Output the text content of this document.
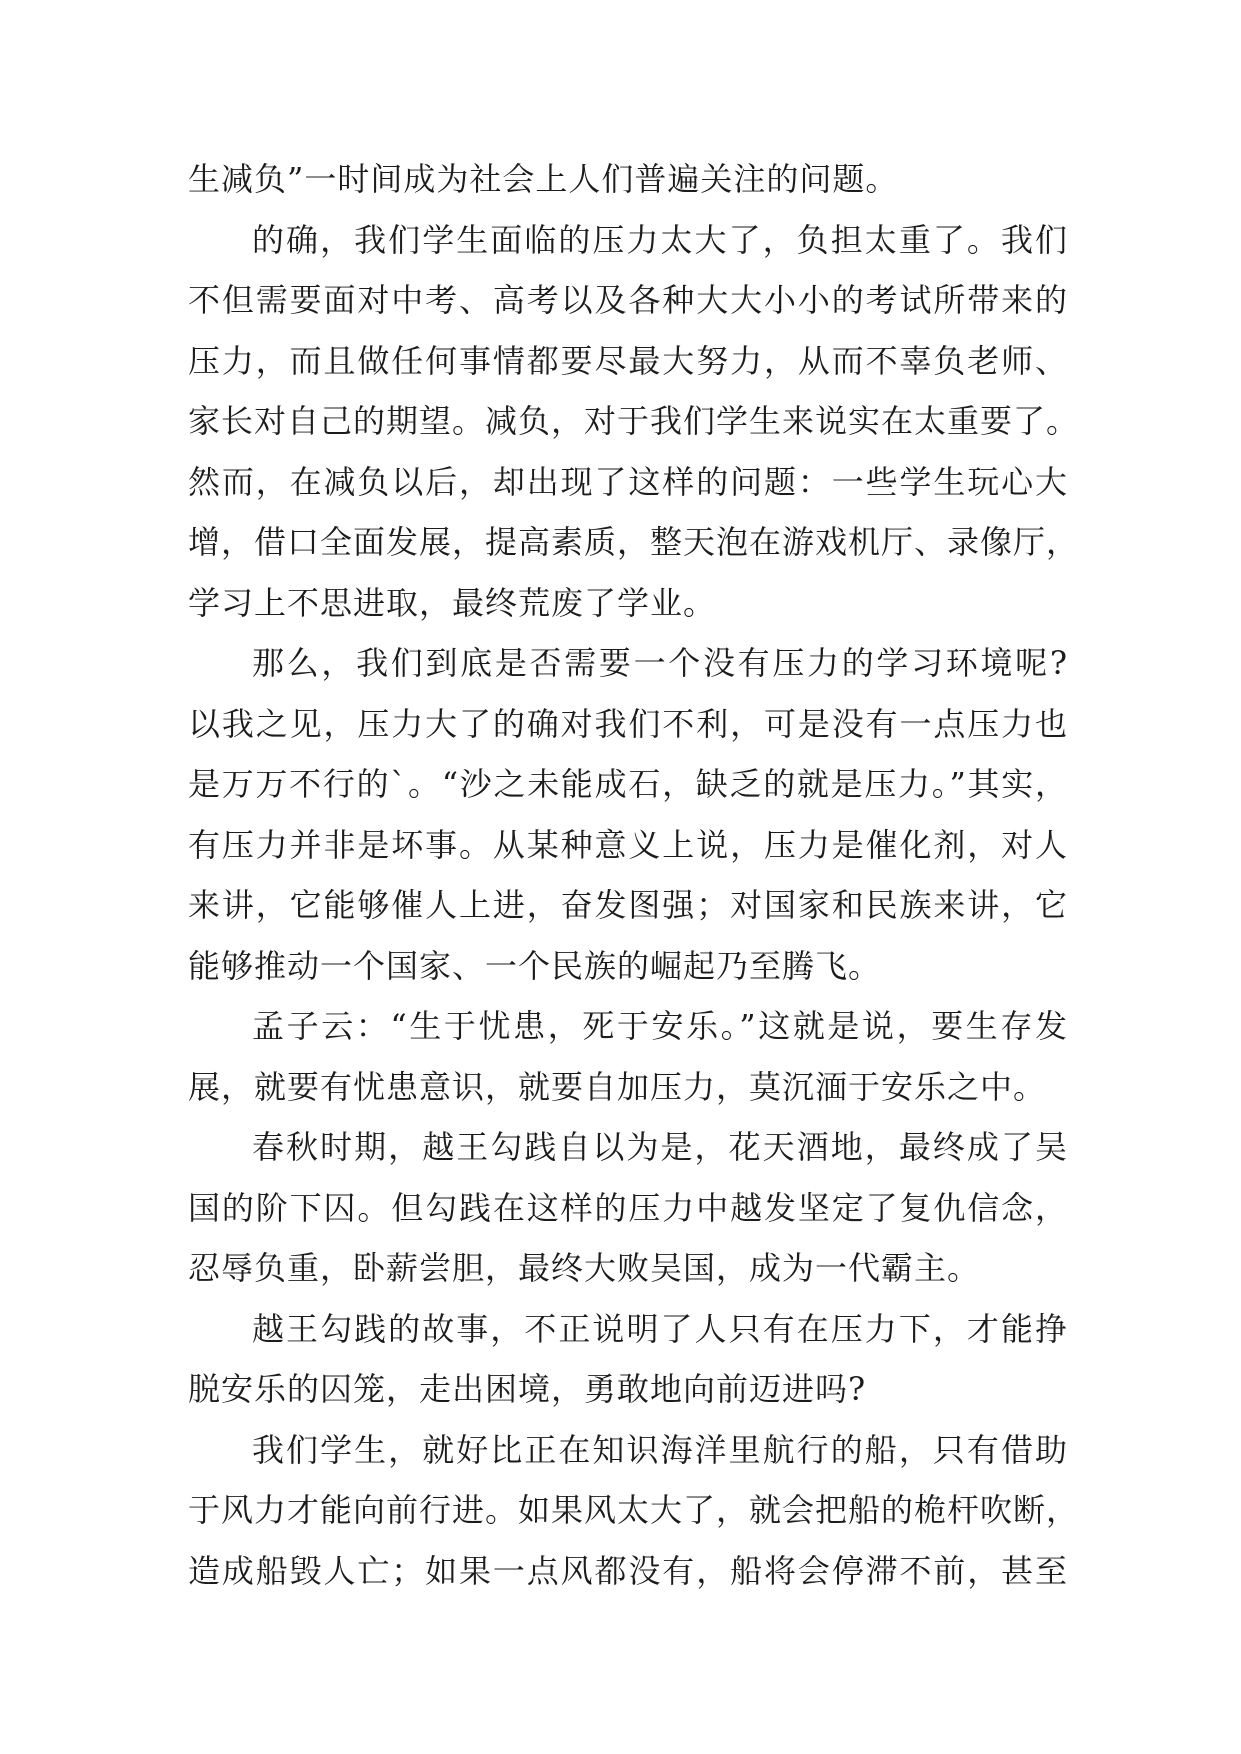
生减负”一时间成为社会上人们普遍关注的问题。
的确，我们学生面临的压力太大了，负担太重了。我们
不但需要面对中考、高考以及各种大大小小的考试所带来的
压力，而且做任何事情都要尽最大努力，从而不辜负老师、
家长对自己的期望。减负，对于我们学生来说实在太重要了。
然而，在减负以后，却出现了这样的问题：一些学生玩心大
增，借口全面发展，提高素质，整天泡在游戏机厅、录像厅，
学习上不思进取，最终荒废了学业。
那么，我们到底是否需要一个没有压力的学习环境呢?
以我之见，压力大了的确对我们不利，可是没有一点压力也
是万万不行的`。“沙之未能成石，缺乏的就是压力。”其实，
有压力并非是坏事。从某种意义上说，压力是催化剂，对人
来讲，它能够催人上进，奋发图强；对国家和民族来讲，它
能够推动一个国家、一个民族的崛起乃至腾飞。
孟子云：“生于忧患，死于安乐。”这就是说，要生存发
展，就要有忧患意识，就要自加压力，莫沉湎于安乐之中。
春秋时期，越王勾践自以为是，花天酒地，最终成了吴
国的阶下囚。但勾践在这样的压力中越发坚定了复仇信念，
忍辱负重，卧薪尝胆，最终大败吴国，成为一代霸主。
越王勾践的故事，不正说明了人只有在压力下，才能挣
脱安乐的囚笼，走出困境，勇敢地向前迈进吗?
我们学生，就好比正在知识海洋里航行的船，只有借助
于风力才能向前行进。如果风太大了，就会把船的桅杆吹断，
造成船毁人亡；如果一点风都没有，船将会停滞不前，甚至
